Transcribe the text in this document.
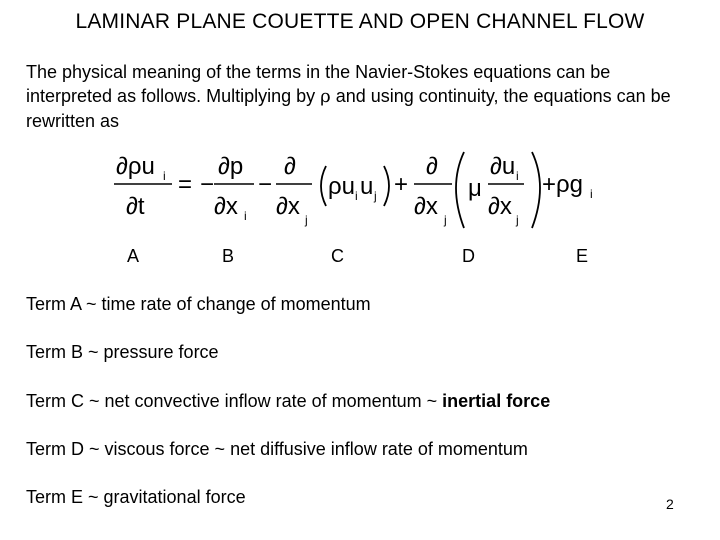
LAMINAR PLANE COUETTE AND OPEN CHANNEL FLOW

The physical meaning of the terms in the Navier-Stokes equations can be interpreted as follows. Multiplying by ρ and using continuity, the equations can be rewritten as

∂ρu i
∂t
= −
∂p
∂x i
−
∂
∂x j
ρu i u j +
∂
∂x j
μ
∂u i
∂x j
+ρg i
A	B	C	D	E
Term A ~ time rate of change of momentum
Term B ~ pressure force
Term C ~ net convective inflow rate of momentum ~ inertial force
Term D ~ viscous force ~ net diffusive inflow rate of momentum
Term E ~ gravitational force	2
